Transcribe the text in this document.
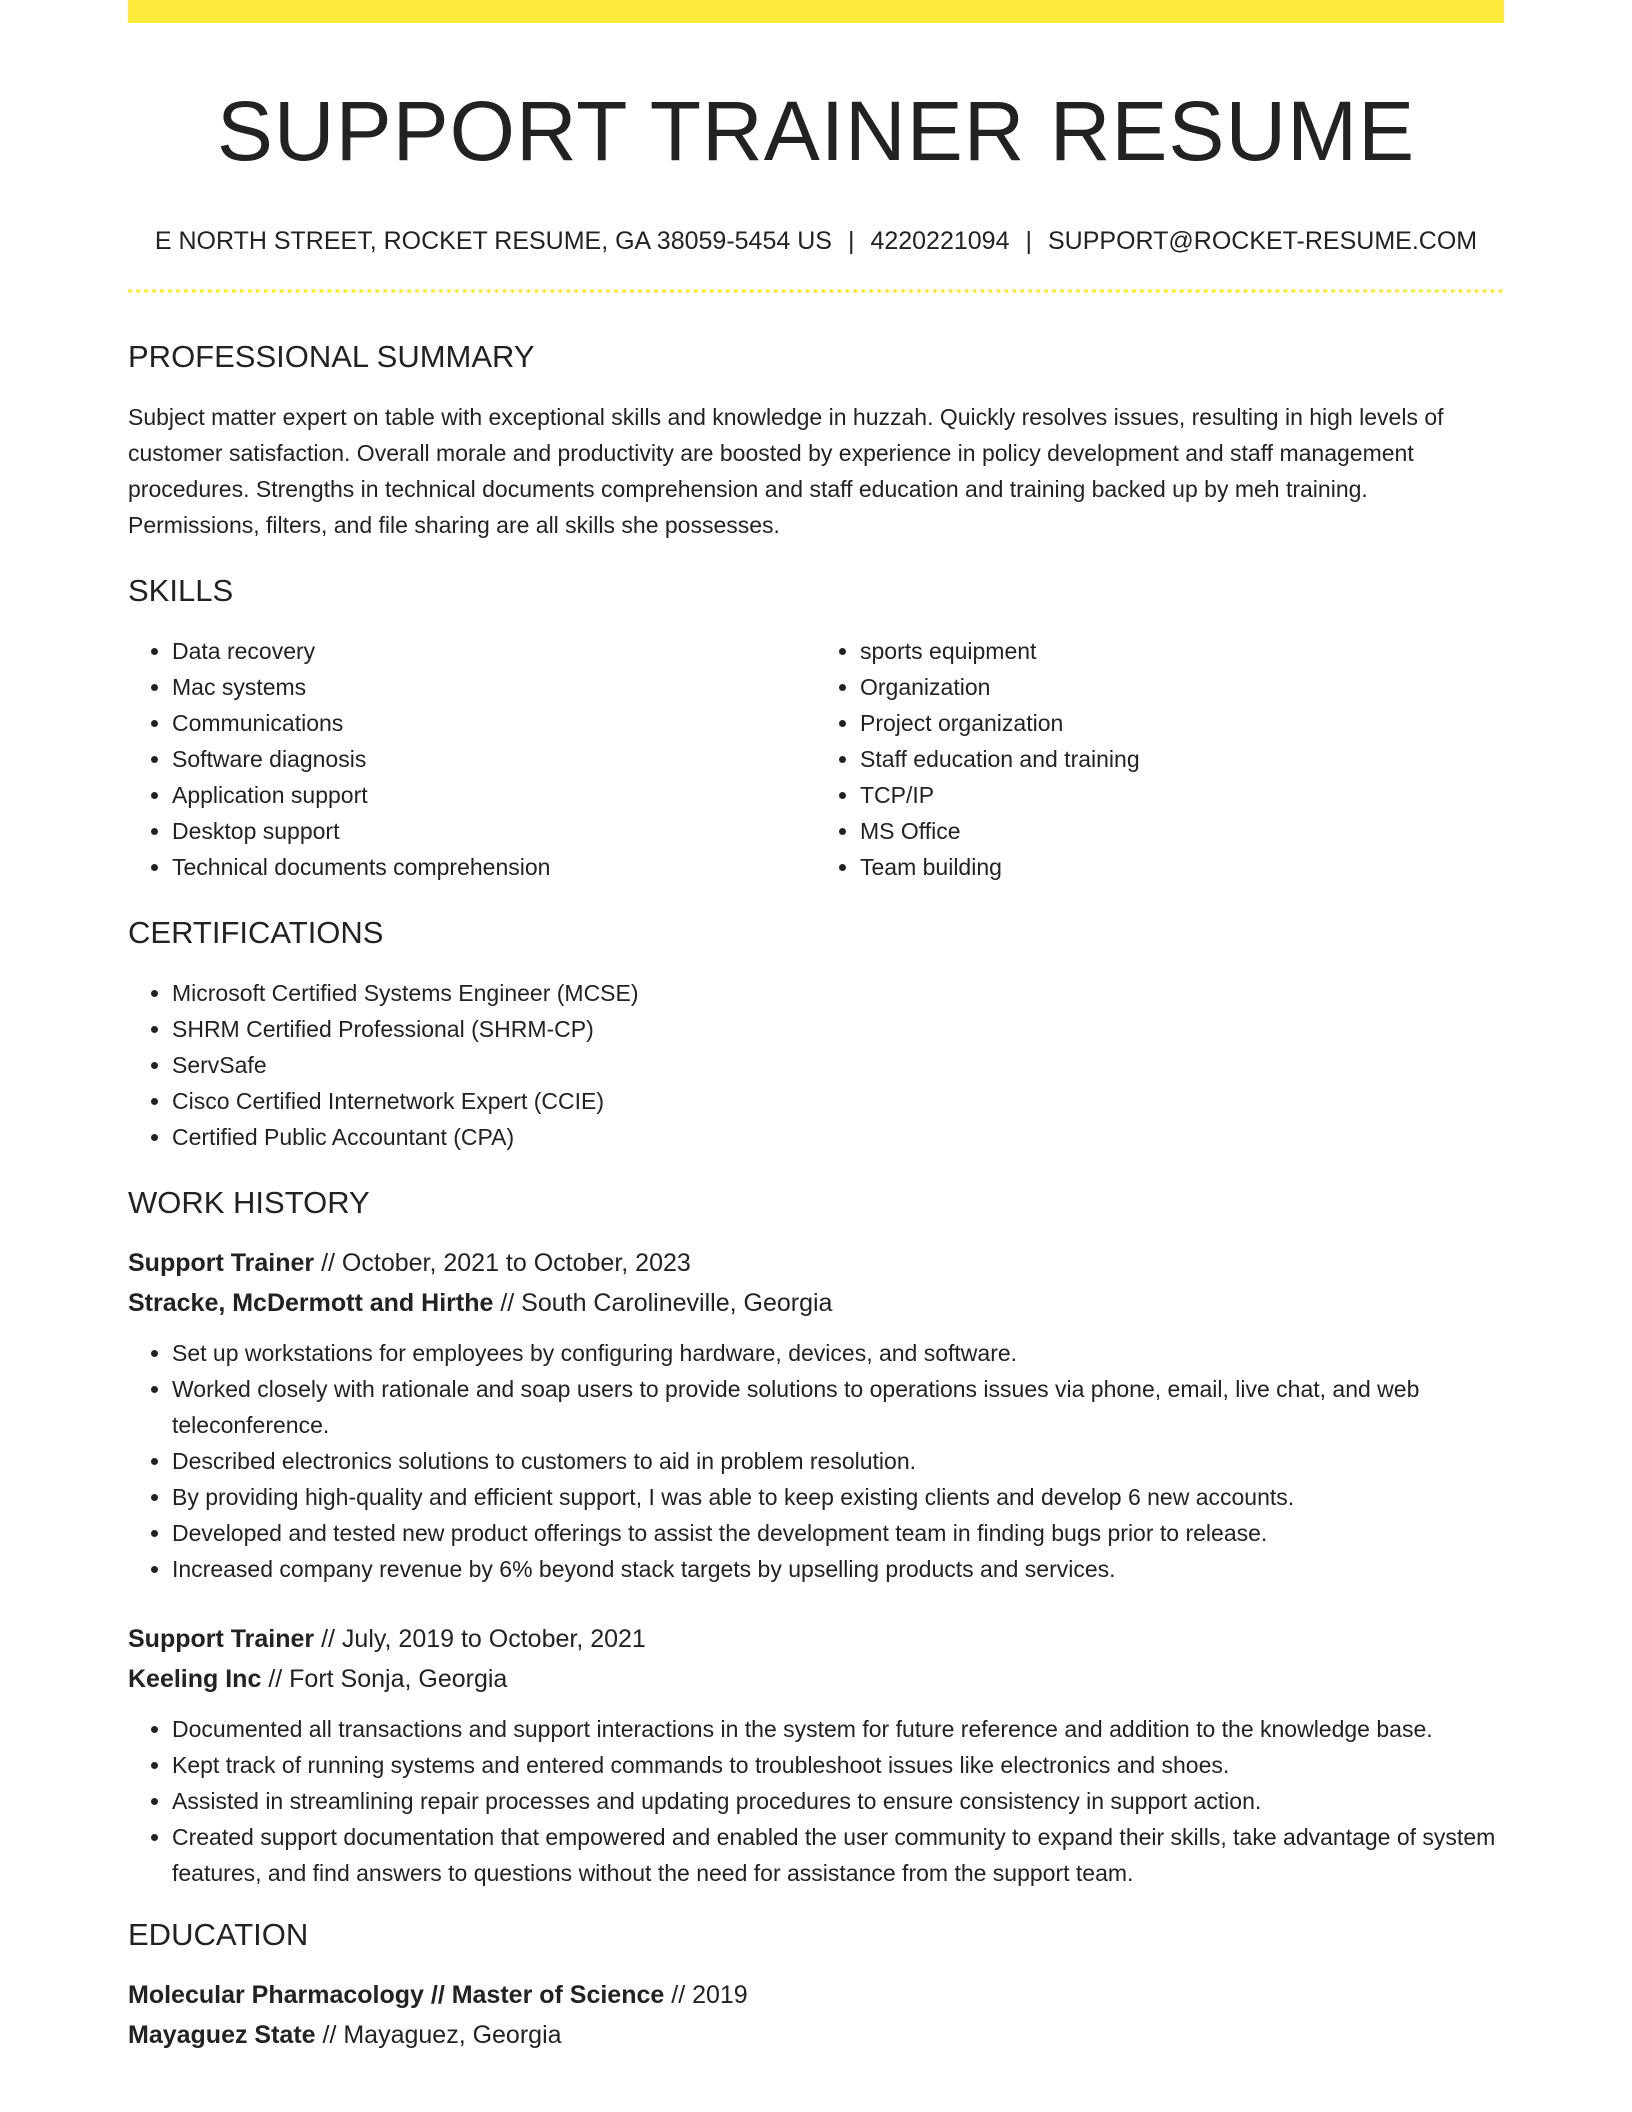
SUPPORT TRAINER RESUME
E NORTH STREET, ROCKET RESUME, GA 38059-5454 US | 4220221094 | SUPPORT@ROCKET-RESUME.COM
PROFESSIONAL SUMMARY

Subject matter expert on table with exceptional skills and knowledge in huzzah. Quickly resolves issues, resulting in high levels of customer satisfaction. Overall morale and productivity are boosted by experience in policy development and staff management procedures. Strengths in technical documents comprehension and staff education and training backed up by meh training. Permissions, filters, and file sharing are all skills she possesses.

SKILLS
• Data recovery
• Mac systems
• Communications
• Software diagnosis
• Application support
• Desktop support
• Technical documents comprehension
• sports equipment
• Organization
• Project organization
• Staff education and training
• TCP/IP
• MS Office
• Team building
CERTIFICATIONS
• Microsoft Certified Systems Engineer (MCSE)
• SHRM Certified Professional (SHRM-CP)
• ServSafe
• Cisco Certified Internetwork Expert (CCIE)
• Certified Public Accountant (CPA)
WORK HISTORY
Support Trainer // October, 2021 to October, 2023
Stracke, McDermott and Hirthe // South Carolineville, Georgia
• Set up workstations for employees by configuring hardware, devices, and software.
• Worked closely with rationale and soap users to provide solutions to operations issues via phone, email, live chat, and web teleconference.
• Described electronics solutions to customers to aid in problem resolution.
• By providing high-quality and efficient support, I was able to keep existing clients and develop 6 new accounts.
• Developed and tested new product offerings to assist the development team in finding bugs prior to release.
• Increased company revenue by 6% beyond stack targets by upselling products and services.
Support Trainer // July, 2019 to October, 2021
Keeling Inc // Fort Sonja, Georgia
• Documented all transactions and support interactions in the system for future reference and addition to the knowledge base.
• Kept track of running systems and entered commands to troubleshoot issues like electronics and shoes.
• Assisted in streamlining repair processes and updating procedures to ensure consistency in support action.
• Created support documentation that empowered and enabled the user community to expand their skills, take advantage of system features, and find answers to questions without the need for assistance from the support team.
EDUCATION
Molecular Pharmacology // Master of Science // 2019
Mayaguez State // Mayaguez, Georgia
